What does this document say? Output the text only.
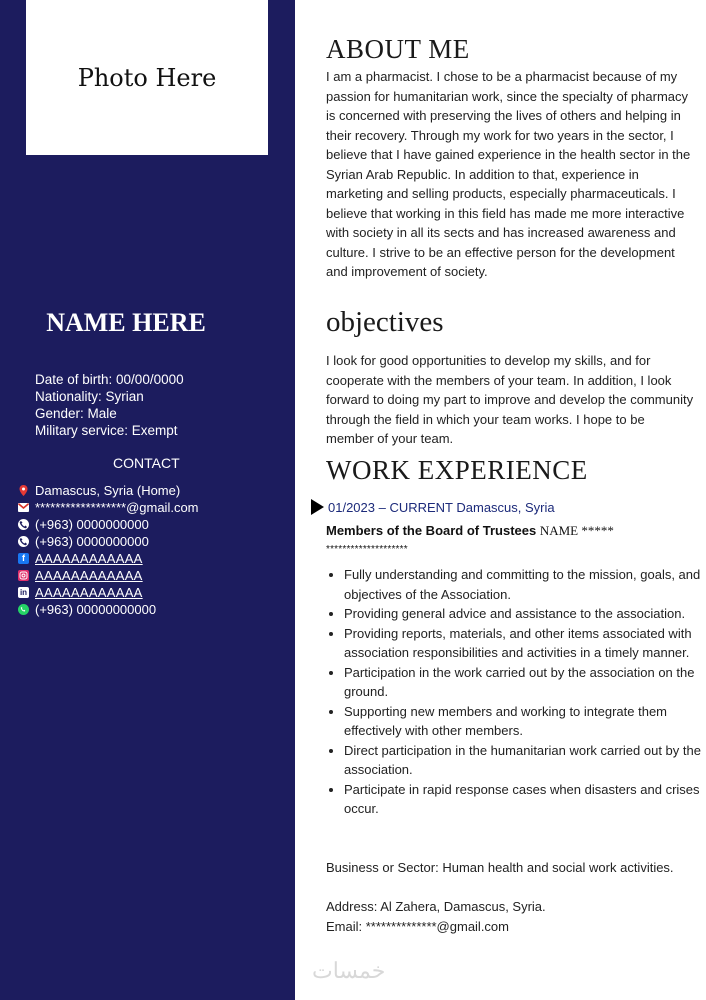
Photo Here
NAME HERE
Date of birth: 00/00/0000
Nationality: Syrian
Gender: Male
Military service: Exempt
CONTACT
Damascus, Syria (Home)
******************@gmail.com
(+963) 0000000000
(+963) 0000000000
f AAAAAAAAAAAA
AAAAAAAAAAAA
in AAAAAAAAAAAA
(+963) 00000000000
ABOUT ME
I am a pharmacist. I chose to be a pharmacist because of my passion for humanitarian work, since the specialty of pharmacy is concerned with preserving the lives of others and helping in their recovery. Through my work for two years in the sector, I believe that I have gained experience in the health sector in the Syrian Arab Republic. In addition to that, experience in marketing and selling products, especially pharmaceuticals. I believe that working in this field has made me more interactive with society in all its sects and has increased awareness and culture. I strive to be an effective person for the development and improvement of society.
objectives
I look for good opportunities to develop my skills, and for cooperate with the members of your team. In addition, I look forward to doing my part to improve and develop the community through the field in which your team works. I hope to be member of your team.
WORK EXPERIENCE
01/2023 – CURRENT Damascus, Syria
Members of the Board of Trustees NAME *****
********************
• Fully understanding and committing to the mission, goals, and objectives of the Association.
• Providing general advice and assistance to the association.
• Providing reports, materials, and other items associated with association responsibilities and activities in a timely manner.
• Participation in the work carried out by the association on the ground.
• Supporting new members and working to integrate them effectively with other members.
• Direct participation in the humanitarian work carried out by the association.
• Participate in rapid response cases when disasters and crises occur.
Business or Sector: Human health and social work activities.
Address: Al Zahera, Damascus, Syria.
Email: **************@gmail.com
خمسات
